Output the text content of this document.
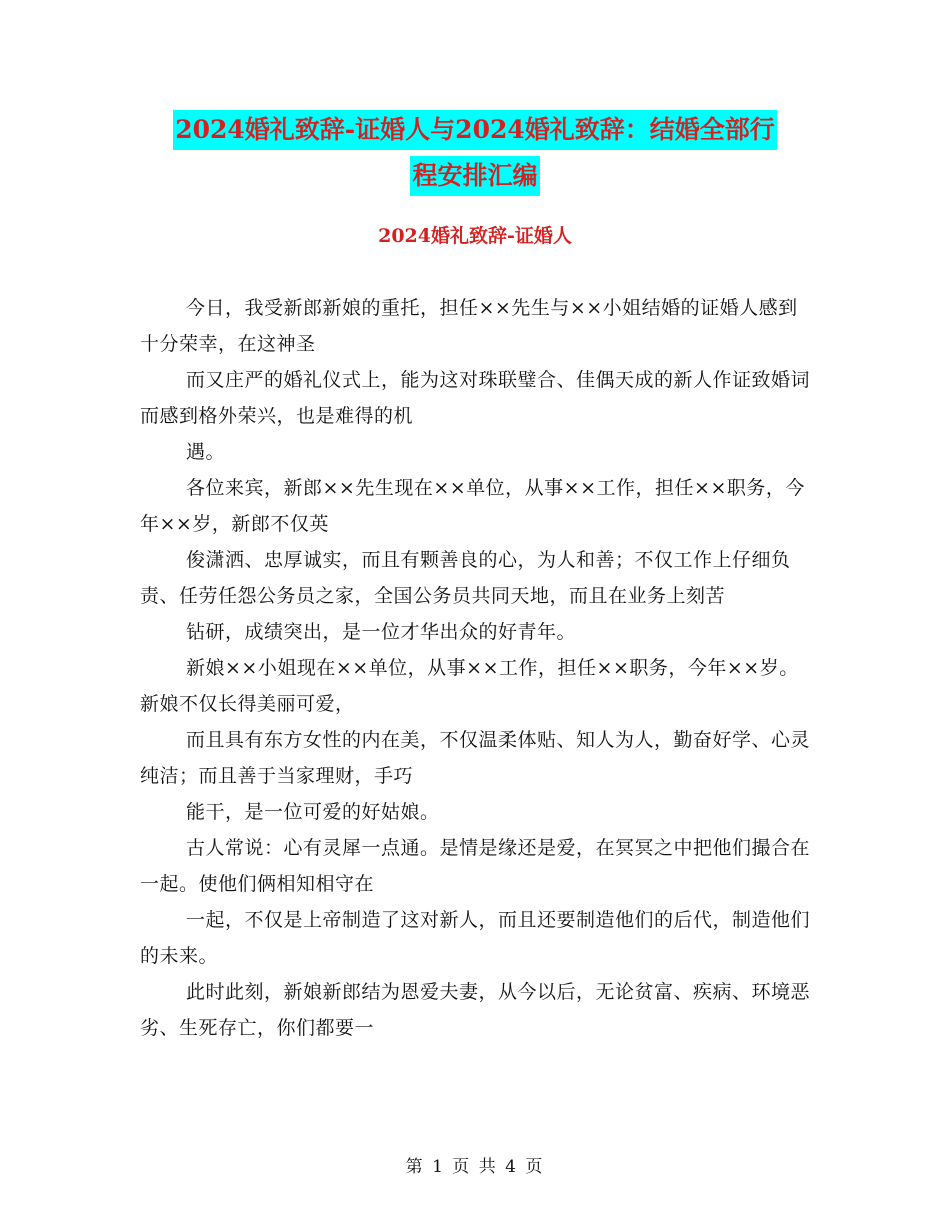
2024婚礼致辞-证婚人与2024婚礼致辞：结婚全部行
程安排汇编
2024婚礼致辞-证婚人

今日，我受新郎新娘的重托，担任××先生与××小姐结婚的证婚人感到十分荣幸，在这神圣

而又庄严的婚礼仪式上，能为这对珠联璧合、佳偶天成的新人作证致婚词而感到格外荣兴，也是难得的机

遇。

各位来宾，新郎××先生现在××单位，从事××工作，担任××职务，今年××岁，新郎不仅英

俊潇洒、忠厚诚实，而且有颗善良的心，为人和善；不仅工作上仔细负责、任劳任怨公务员之家，全国公务员共同天地，而且在业务上刻苦

钻研，成绩突出，是一位才华出众的好青年。

新娘××小姐现在××单位，从事××工作，担任××职务，今年××岁。新娘不仅长得美丽可爱，

而且具有东方女性的内在美，不仅温柔体贴、知人为人，勤奋好学、心灵纯洁；而且善于当家理财，手巧

能干，是一位可爱的好姑娘。

古人常说：心有灵犀一点通。是情是缘还是爱，在冥冥之中把他们撮合在一起。使他们俩相知相守在

一起，不仅是上帝制造了这对新人，而且还要制造他们的后代，制造他们的未来。

此时此刻，新娘新郎结为恩爱夫妻，从今以后，无论贫富、疾病、环境恶劣、生死存亡，你们都要一

第 1 页 共 4 页
